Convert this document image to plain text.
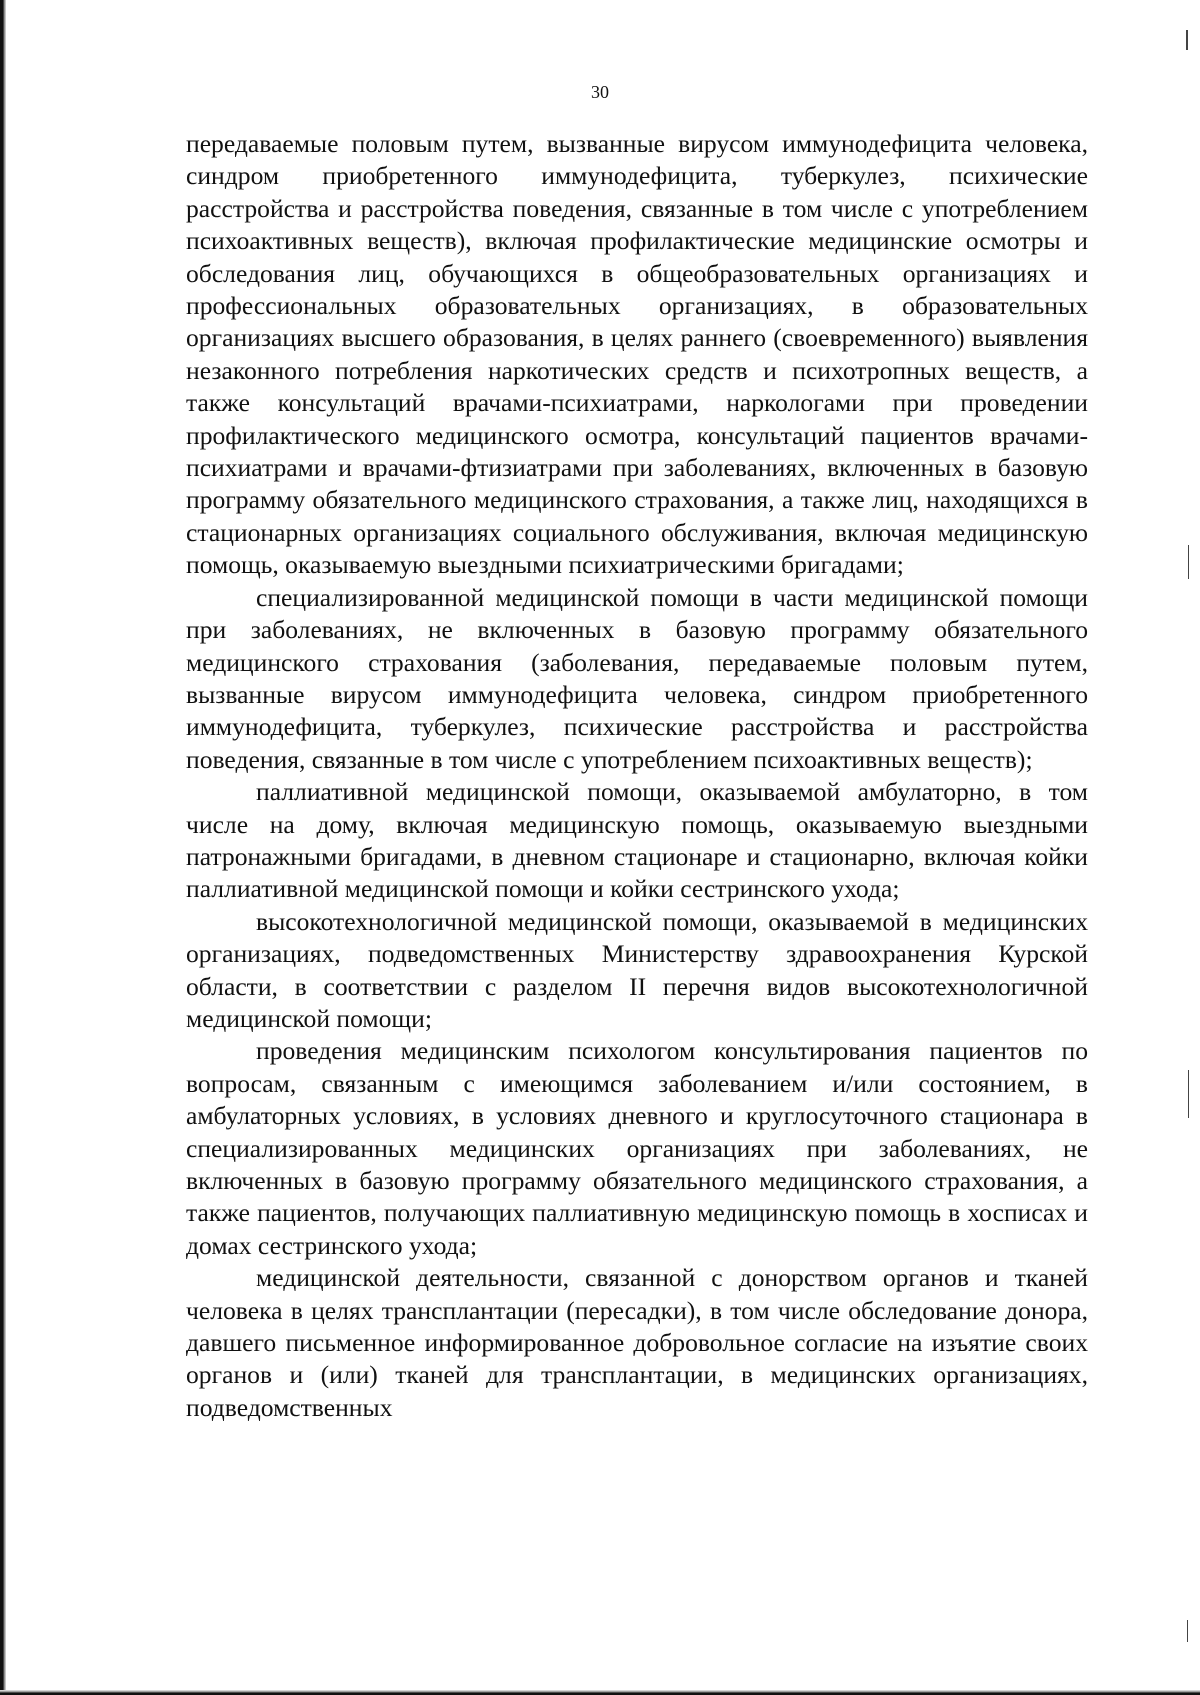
30

передаваемые половым путем, вызванные вирусом иммунодефицита человека, синдром приобретенного иммунодефицита, туберкулез, психические расстройства и расстройства поведения, связанные в том числе с употреблением психоактивных веществ), включая профилактические медицинские осмотры и обследования лиц, обучающихся в общеобразовательных организациях и профессиональных образовательных организациях, в образовательных организациях высшего образования, в целях раннего (своевременного) выявления незаконного потребления наркотических средств и психотропных веществ, а также консультаций врачами-психиатрами, наркологами при проведении профилактического медицинского осмотра, консультаций пациентов врачами-психиатрами и врачами-фтизиатрами при заболеваниях, включенных в базовую программу обязательного медицинского страхования, а также лиц, находящихся в стационарных организациях социального обслуживания, включая медицинскую помощь, оказываемую выездными психиатрическими бригадами;

специализированной медицинской помощи в части медицинской помощи при заболеваниях, не включенных в базовую программу обязательного медицинского страхования (заболевания, передаваемые половым путем, вызванные вирусом иммунодефицита человека, синдром приобретенного иммунодефицита, туберкулез, психические расстройства и расстройства поведения, связанные в том числе с употреблением психоактивных веществ);

паллиативной медицинской помощи, оказываемой амбулаторно, в том числе на дому, включая медицинскую помощь, оказываемую выездными патронажными бригадами, в дневном стационаре и стационарно, включая койки паллиативной медицинской помощи и койки сестринского ухода;

высокотехнологичной медицинской помощи, оказываемой в медицинских организациях, подведомственных Министерству здравоохранения Курской области, в соответствии с разделом II перечня видов высокотехнологичной медицинской помощи;

проведения медицинским психологом консультирования пациентов по вопросам, связанным с имеющимся заболеванием и/или состоянием, в амбулаторных условиях, в условиях дневного и круглосуточного стационара в специализированных медицинских организациях при заболеваниях, не включенных в базовую программу обязательного медицинского страхования, а также пациентов, получающих паллиативную медицинскую помощь в хосписах и домах сестринского ухода;

медицинской деятельности, связанной с донорством органов и тканей человека в целях трансплантации (пересадки), в том числе обследование донора, давшего письменное информированное добровольное согласие на изъятие своих органов и (или) тканей для трансплантации, в медицинских организациях, подведомственных
